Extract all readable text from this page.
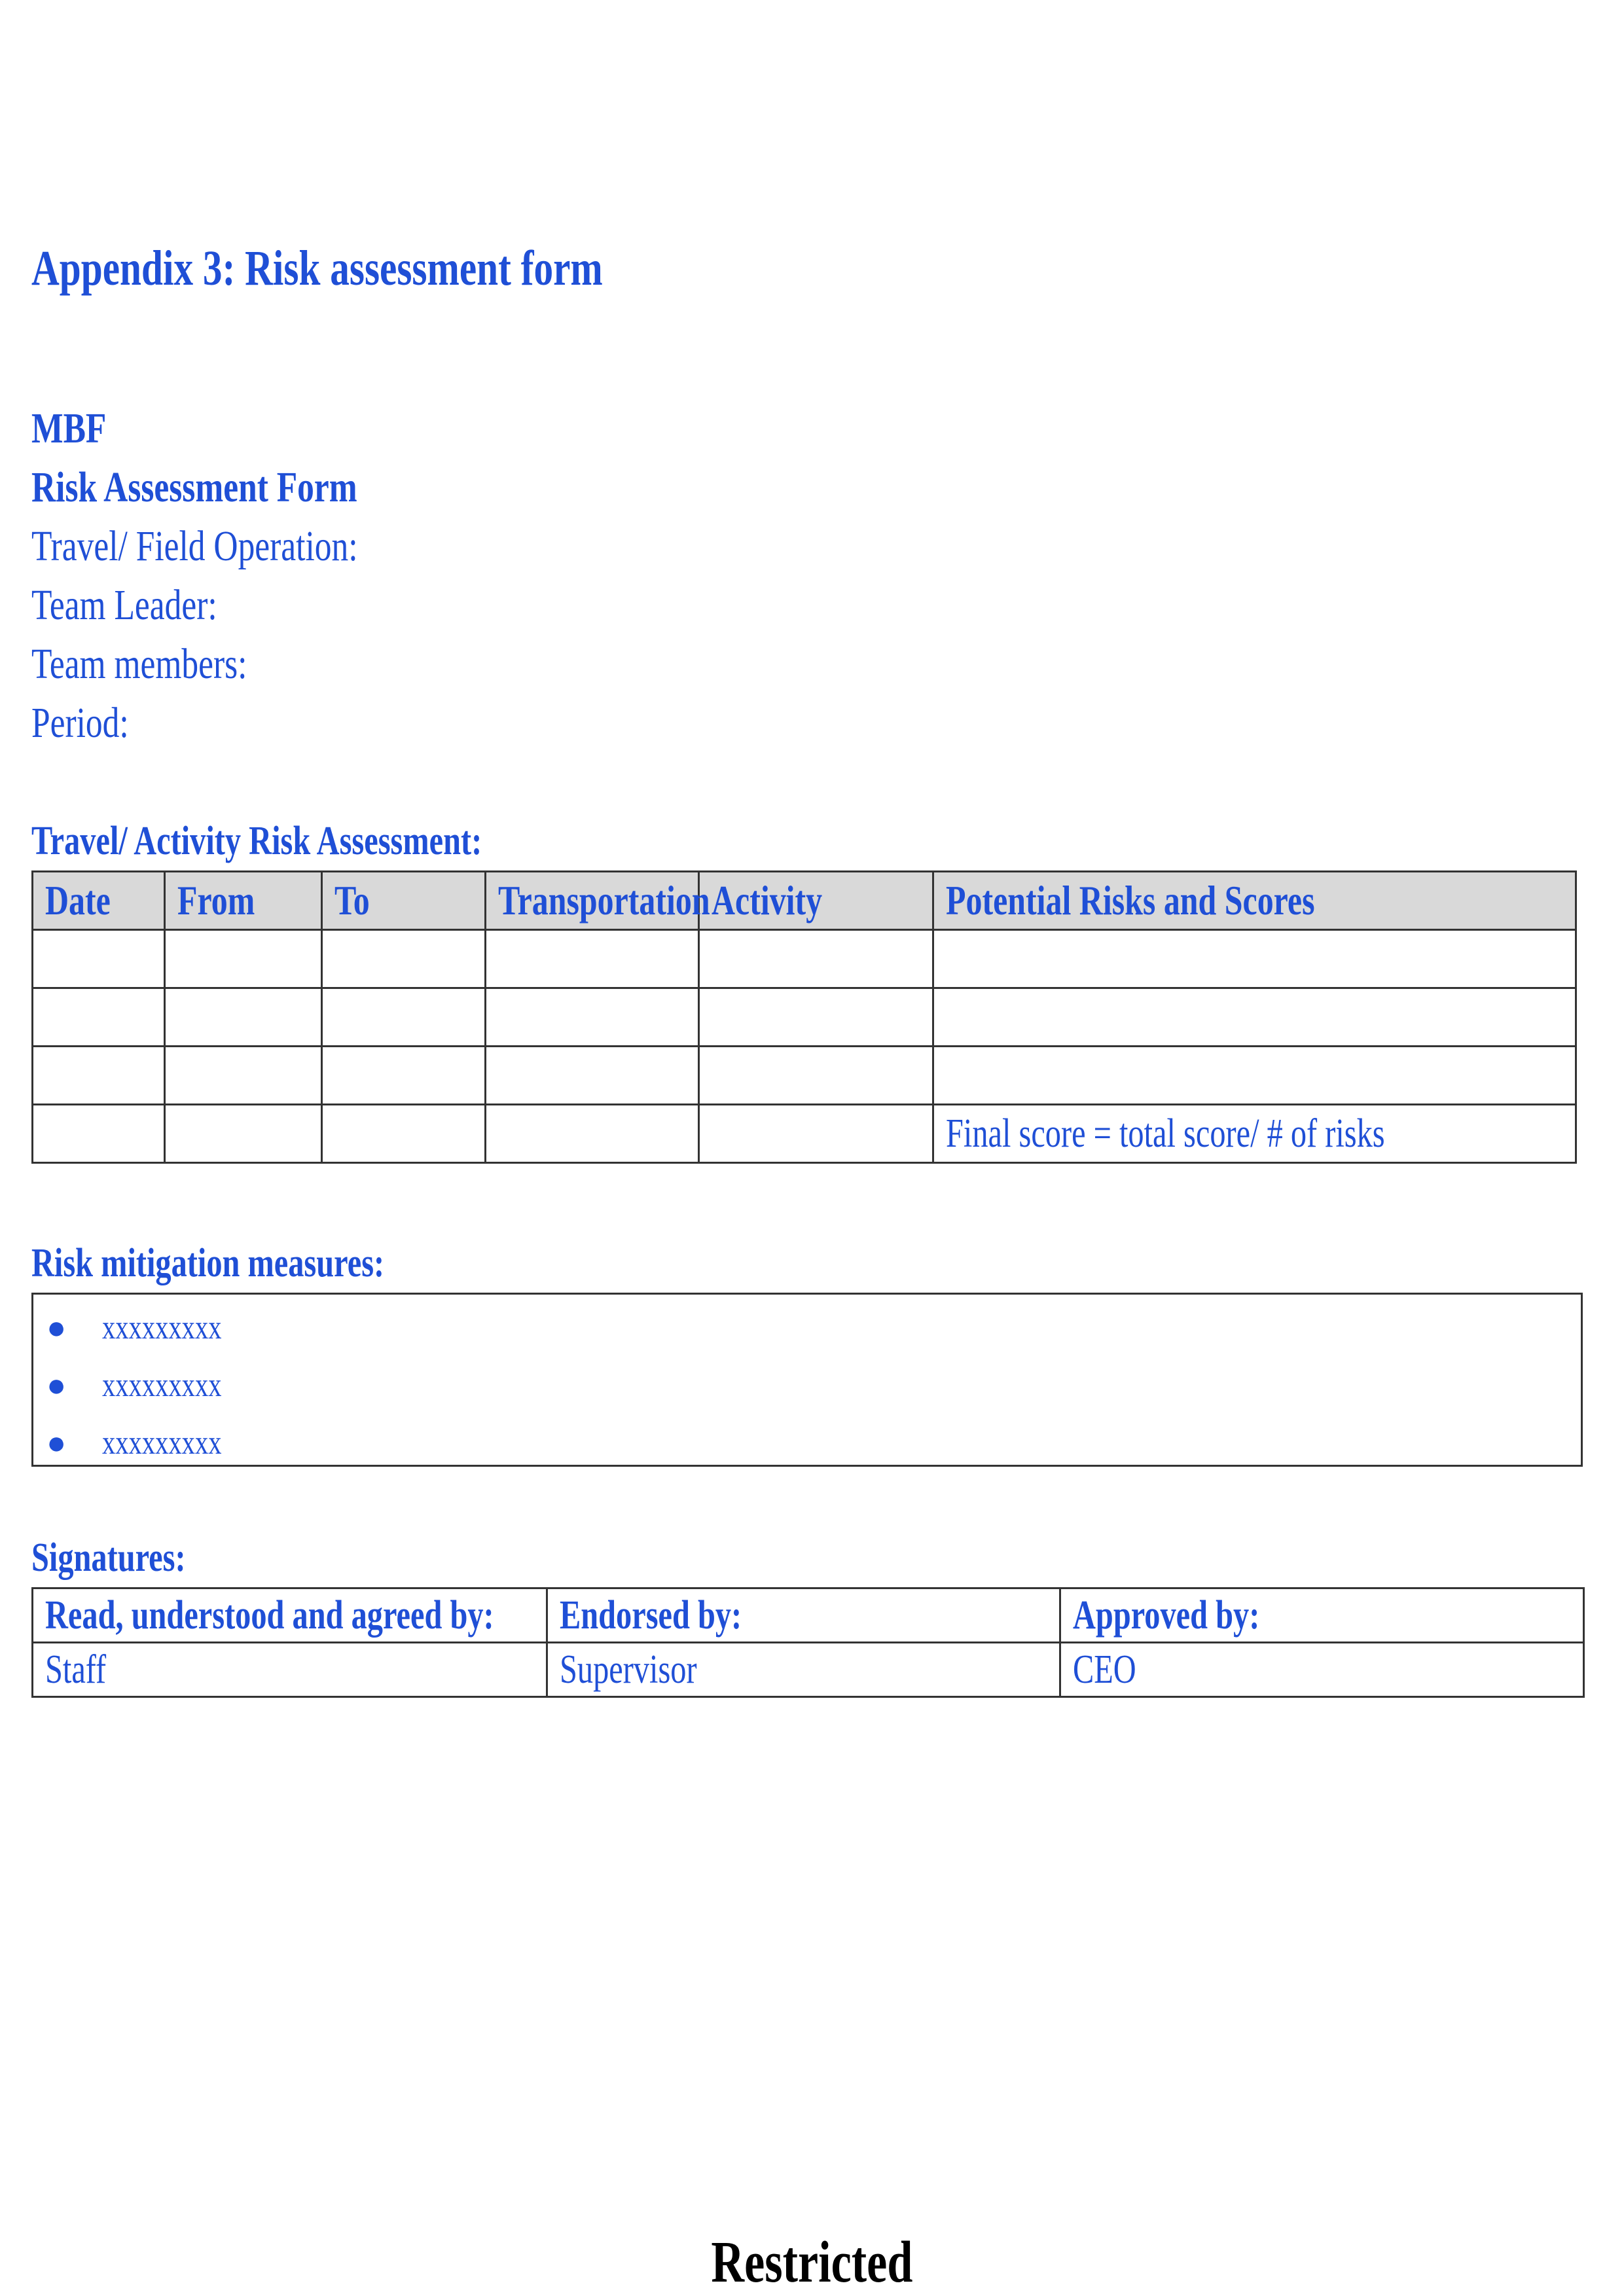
Appendix 3: Risk assessment form
MBF
Risk Assessment Form
Travel/ Field Operation:
Team Leader:
Team members:
Period:
Travel/ Activity Risk Assessment:
Date	From	To	Transportation	Activity	Potential Risks and Scores

					Final score = total score/ # of risks
Risk mitigation measures:
●	xxxxxxxxx
●	xxxxxxxxx
●	xxxxxxxxx
Signatures:
Read, understood and agreed by:	Endorsed by:	Approved by:
Staff	Supervisor	CEO
Restricted
